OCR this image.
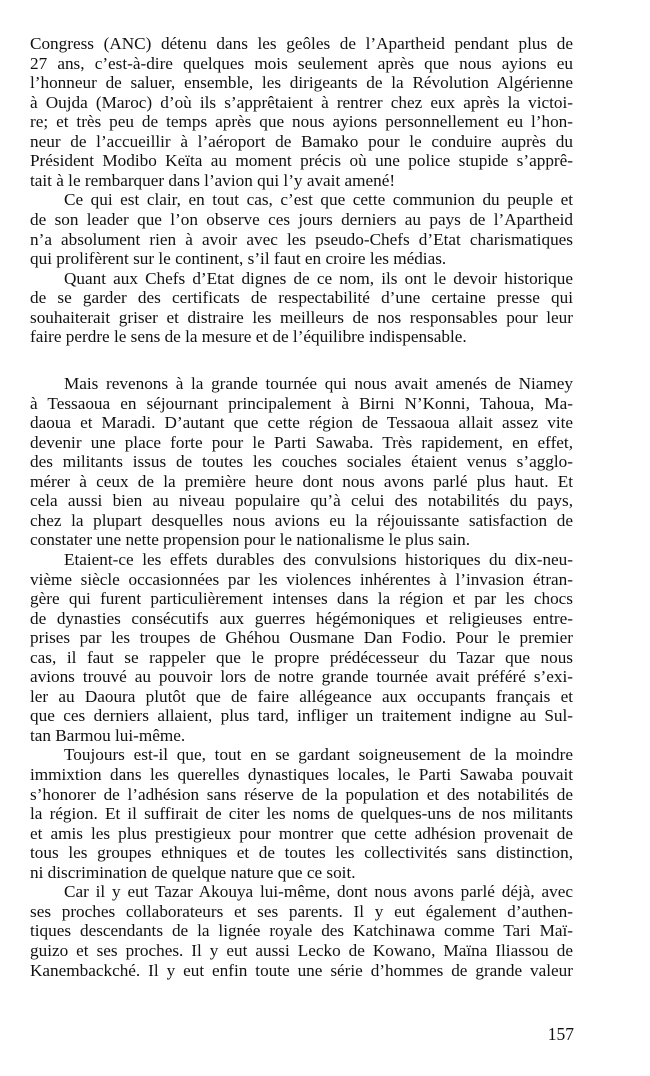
Congress (ANC) détenu dans les geôles de l’Apartheid pendant plus de
27 ans, c’est-à-dire quelques mois seulement après que nous ayions eu
l’honneur de saluer, ensemble, les dirigeants de la Révolution Algérienne
à Oujda (Maroc) d’où ils s’apprêtaient à rentrer chez eux après la victoi-
re; et très peu de temps après que nous ayions personnellement eu l’hon-
neur de l’accueillir à l’aéroport de Bamako pour le conduire auprès du
Président Modibo Keïta au moment précis où une police stupide s’apprê-
tait à le rembarquer dans l’avion qui l’y avait amené!
Ce qui est clair, en tout cas, c’est que cette communion du peuple et
de son leader que l’on observe ces jours derniers au pays de l’Apartheid
n’a absolument rien à avoir avec les pseudo-Chefs d’Etat charismatiques
qui prolifèrent sur le continent, s’il faut en croire les médias.
Quant aux Chefs d’Etat dignes de ce nom, ils ont le devoir historique
de se garder des certificats de respectabilité d’une certaine presse qui
souhaiterait griser et distraire les meilleurs de nos responsables pour leur
faire perdre le sens de la mesure et de l’équilibre indispensable.
Mais revenons à la grande tournée qui nous avait amenés de Niamey
à Tessaoua en séjournant principalement à Birni N’Konni, Tahoua, Ma-
daoua et Maradi. D’autant que cette région de Tessaoua allait assez vite
devenir une place forte pour le Parti Sawaba. Très rapidement, en effet,
des militants issus de toutes les couches sociales étaient venus s’agglo-
mérer à ceux de la première heure dont nous avons parlé plus haut. Et
cela aussi bien au niveau populaire qu’à celui des notabilités du pays,
chez la plupart desquelles nous avions eu la réjouissante satisfaction de
constater une nette propension pour le nationalisme le plus sain.
Etaient-ce les effets durables des convulsions historiques du dix-neu-
vième siècle occasionnées par les violences inhérentes à l’invasion étran-
gère qui furent particulièrement intenses dans la région et par les chocs
de dynasties consécutifs aux guerres hégémoniques et religieuses entre-
prises par les troupes de Ghéhou Ousmane Dan Fodio. Pour le premier
cas, il faut se rappeler que le propre prédécesseur du Tazar que nous
avions trouvé au pouvoir lors de notre grande tournée avait préféré s’exi-
ler au Daoura plutôt que de faire allégeance aux occupants français et
que ces derniers allaient, plus tard, infliger un traitement indigne au Sul-
tan Barmou lui-même.
Toujours est-il que, tout en se gardant soigneusement de la moindre
immixtion dans les querelles dynastiques locales, le Parti Sawaba pouvait
s’honorer de l’adhésion sans réserve de la population et des notabilités de
la région. Et il suffirait de citer les noms de quelques-uns de nos militants
et amis les plus prestigieux pour montrer que cette adhésion provenait de
tous les groupes ethniques et de toutes les collectivités sans distinction,
ni discrimination de quelque nature que ce soit.
Car il y eut Tazar Akouya lui-même, dont nous avons parlé déjà, avec
ses proches collaborateurs et ses parents. Il y eut également d’authen-
tiques descendants de la lignée royale des Katchinawa comme Tari Maï-
guizo et ses proches. Il y eut aussi Lecko de Kowano, Maïna Iliassou de
Kanembackché. Il y eut enfin toute une série d’hommes de grande valeur
157
